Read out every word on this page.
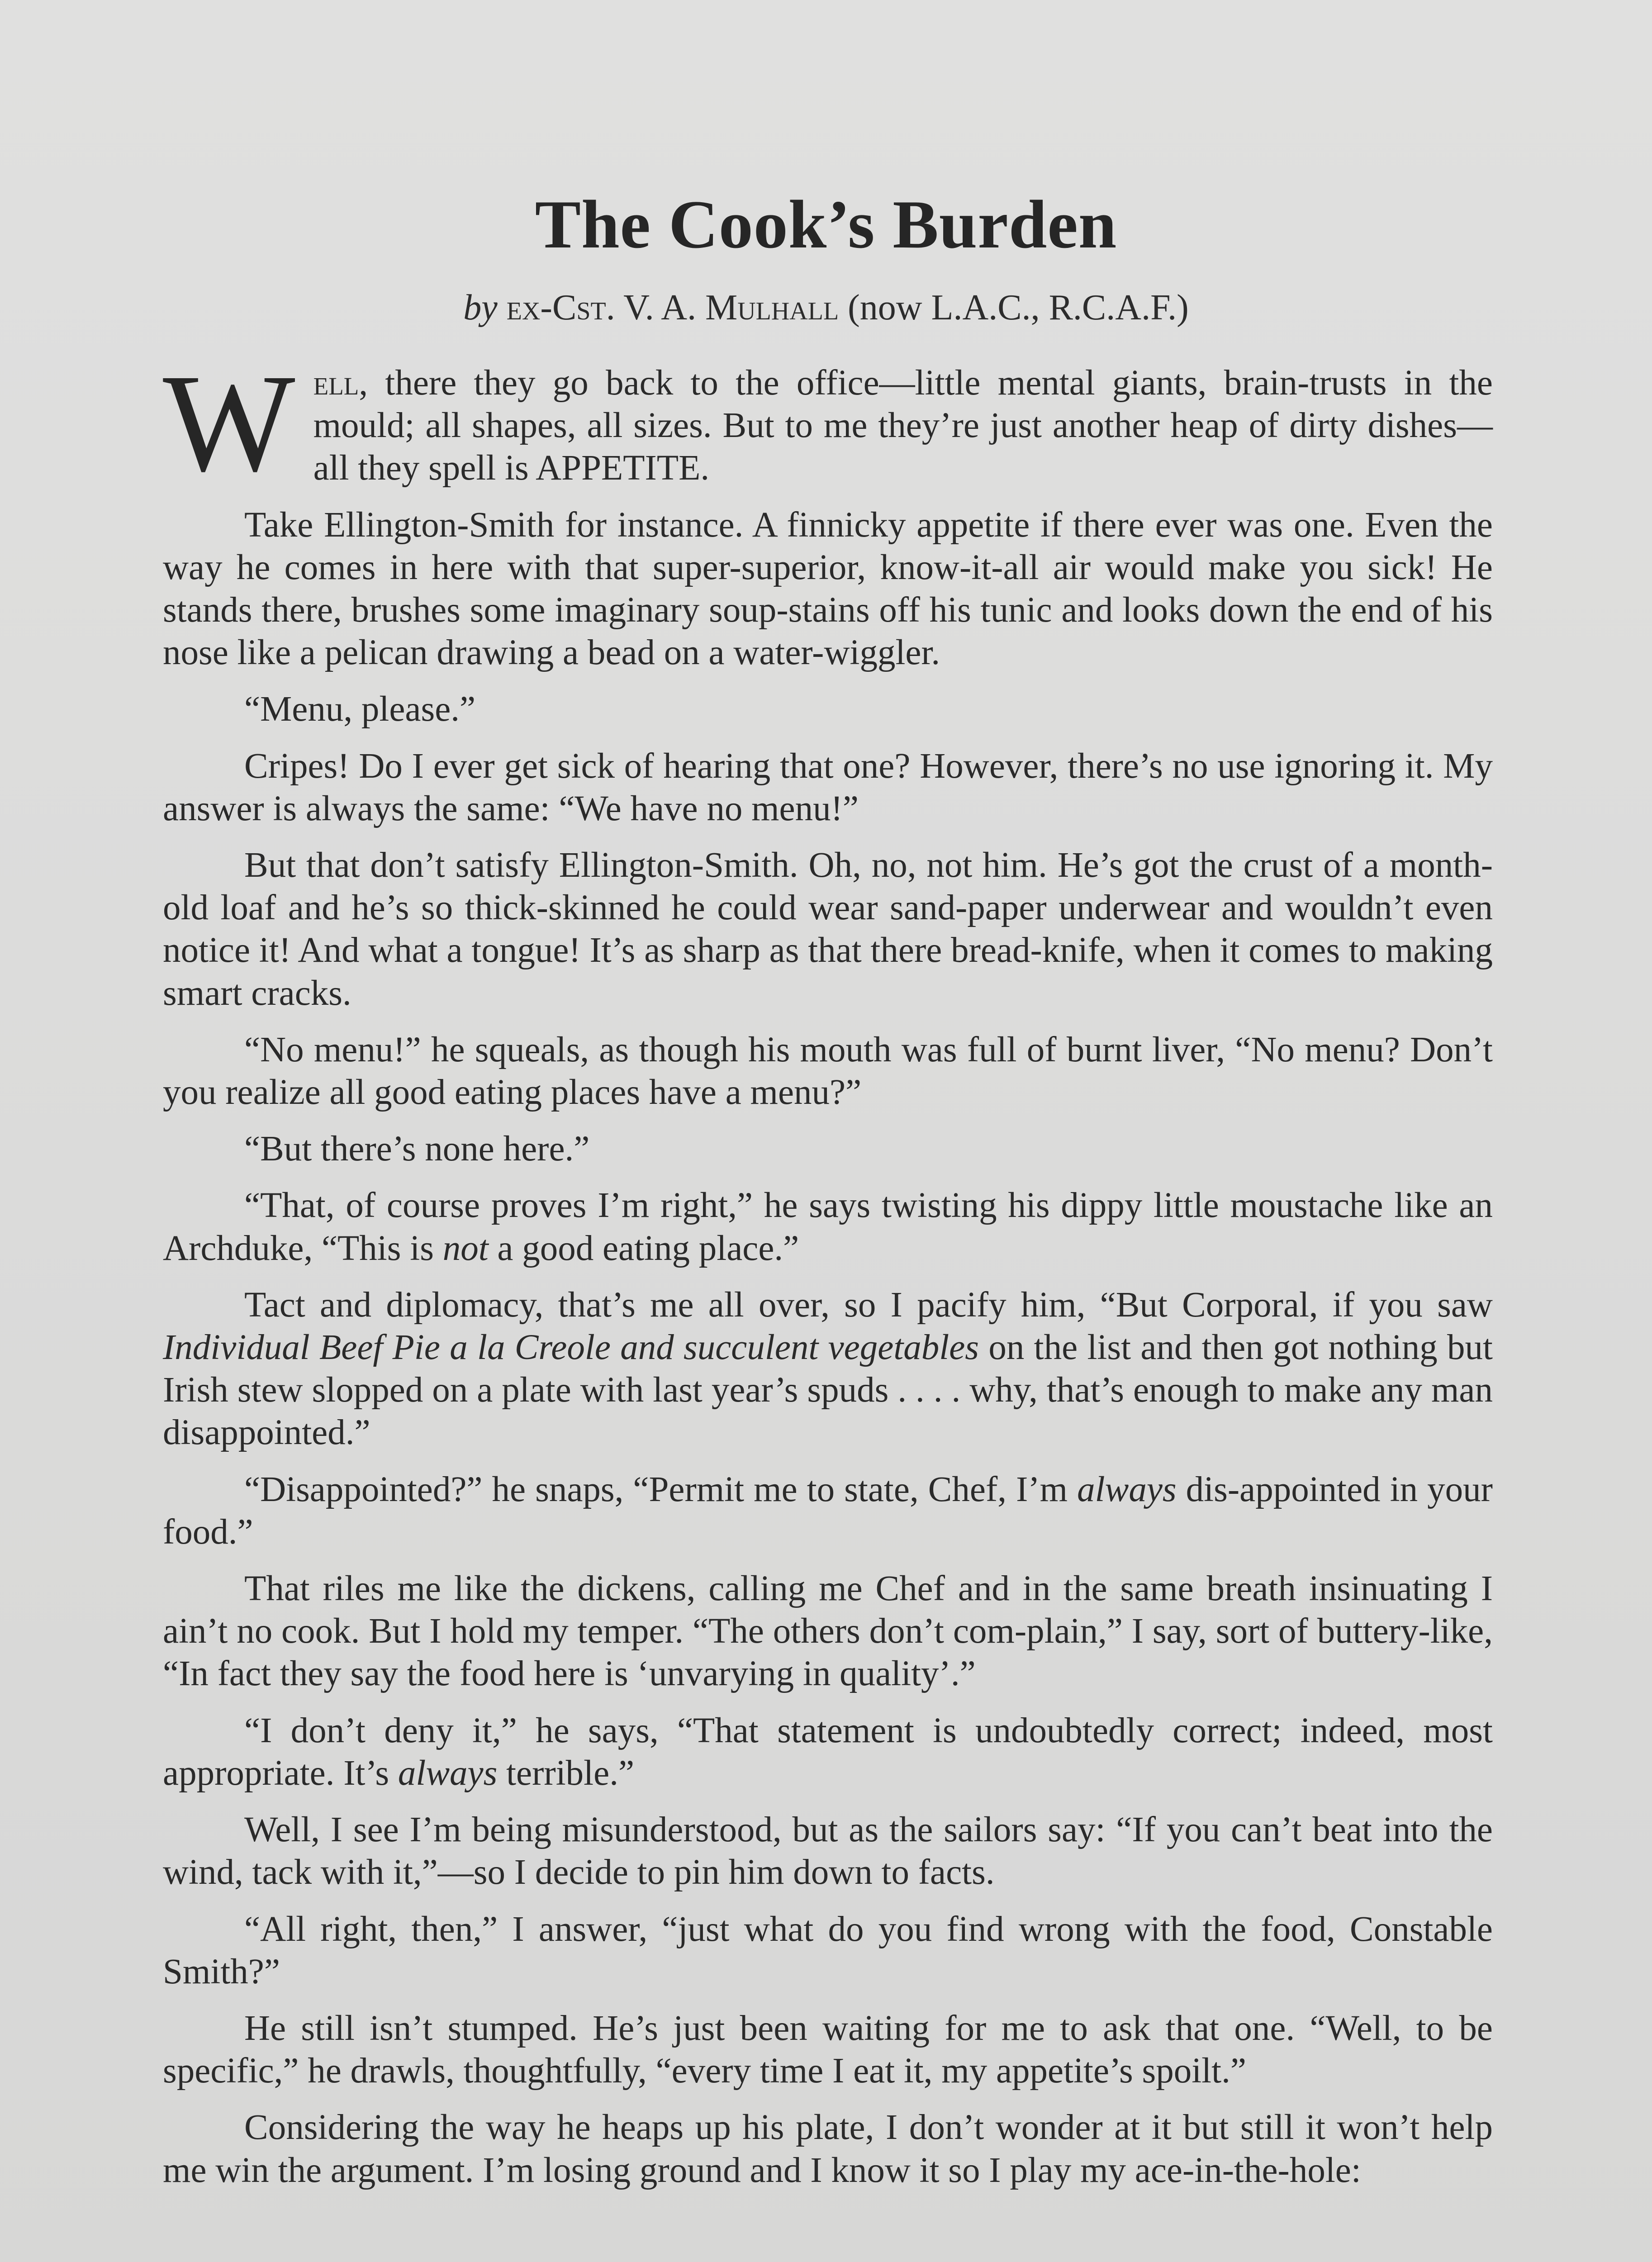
The Cook’s Burden
by ex-Cst. V. A. Mulhall (now L.A.C., R.C.A.F.)

Well, there they go back to the office—little mental giants, brain-trusts in the mould; all shapes, all sizes. But to me they’re just another heap of dirty dishes—all they spell is APPETITE.

Take Ellington-Smith for instance. A finnicky appetite if there ever was one. Even the way he comes in here with that super-superior, know-it-all air would make you sick! He stands there, brushes some imaginary soup-stains off his tunic and looks down the end of his nose like a pelican drawing a bead on a water-wiggler.

“Menu, please.”

Cripes! Do I ever get sick of hearing that one? However, there’s no use ignoring it. My answer is always the same: “We have no menu!”

But that don’t satisfy Ellington-Smith. Oh, no, not him. He’s got the crust of a month-old loaf and he’s so thick-skinned he could wear sand-paper underwear and wouldn’t even notice it! And what a tongue! It’s as sharp as that there bread-knife, when it comes to making smart cracks.

“No menu!” he squeals, as though his mouth was full of burnt liver, “No menu? Don’t you realize all good eating places have a menu?”

“But there’s none here.”

“That, of course proves I’m right,” he says twisting his dippy little moustache like an Archduke, “This is not a good eating place.”

Tact and diplomacy, that’s me all over, so I pacify him, “But Corporal, if you saw Individual Beef Pie a la Creole and succulent vegetables on the list and then got nothing but Irish stew slopped on a plate with last year’s spuds . . . . why, that’s enough to make any man disappointed.”

“Disappointed?” he snaps, “Permit me to state, Chef, I’m always dis-appointed in your food.”

That riles me like the dickens, calling me Chef and in the same breath insinuating I ain’t no cook. But I hold my temper. “The others don’t com-plain,” I say, sort of buttery-like, “In fact they say the food here is ‘unvarying in quality’.”

“I don’t deny it,” he says, “That statement is undoubtedly correct; indeed, most appropriate. It’s always terrible.”

Well, I see I’m being misunderstood, but as the sailors say: “If you can’t beat into the wind, tack with it,”—so I decide to pin him down to facts.

“All right, then,” I answer, “just what do you find wrong with the food, Constable Smith?”

He still isn’t stumped. He’s just been waiting for me to ask that one. “Well, to be specific,” he drawls, thoughtfully, “every time I eat it, my appetite’s spoilt.”

Considering the way he heaps up his plate, I don’t wonder at it but still it won’t help me win the argument. I’m losing ground and I know it so I play my ace-in-the-hole:
